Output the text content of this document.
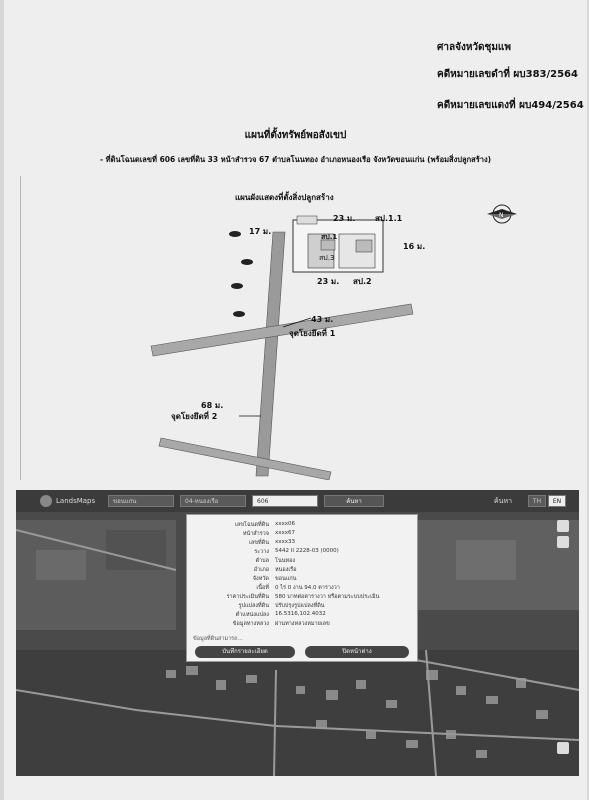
ศาลจังหวัดชุมแพ
คดีหมายเลขดำที่ ผบ383/2564
คดีหมายเลขแดงที่ ผบ494/2564
แผนที่ตั้งทรัพย์พอสังเขป
- ที่ดินโฉนดเลขที่ 606 เลขที่ดิน 33 หน้าสำรวจ 67 ตำบลโนนทอง อำเภอหนองเรือ จังหวัดขอนแก่น (พร้อมสิ่งปลูกสร้าง)
N
แผนผังแสดงที่ตั้งสิ่งปลูกสร้าง
23 ม. สป.1.1
17 ม.
16 ม.
สป.1
สป.3
23 ม. สป.2
43 ม.
จุดโยงยึดที่ 1
68 ม.
จุดโยงยึดที่ 2
LandsMaps	ขอนแก่น	04-หนองเรือ	606	ค้นหา	ค้นหา	TH	EN
เลขโฉนดที่ดิน xxxx06
หน้าสำรวจ xxxx67
เลขที่ดิน xxxx33
ระวาง 5442 II 2228-03 (0000)
ตำบล โนนทอง
อำเภอ หนองเรือ
จังหวัด ขอนแก่น
เนื้อที่ 0 ไร่ 0 งาน 94.0 ตารางวา
ราคาประเมินที่ดิน 580 บาทต่อตารางวา หรือตามระบบประเมิน
รูปแปลงที่ดิน ปรับปรุงรูปแปลงที่ดิน
ตำแหน่งแปลง 16.5316,102.4032
ข้อมูลทางหลวง ผ่านทางหลวงหมายเลข
ข้อมูลที่ดินสามารถ...
บันทึกรายละเอียด	ปิดหน้าต่าง
